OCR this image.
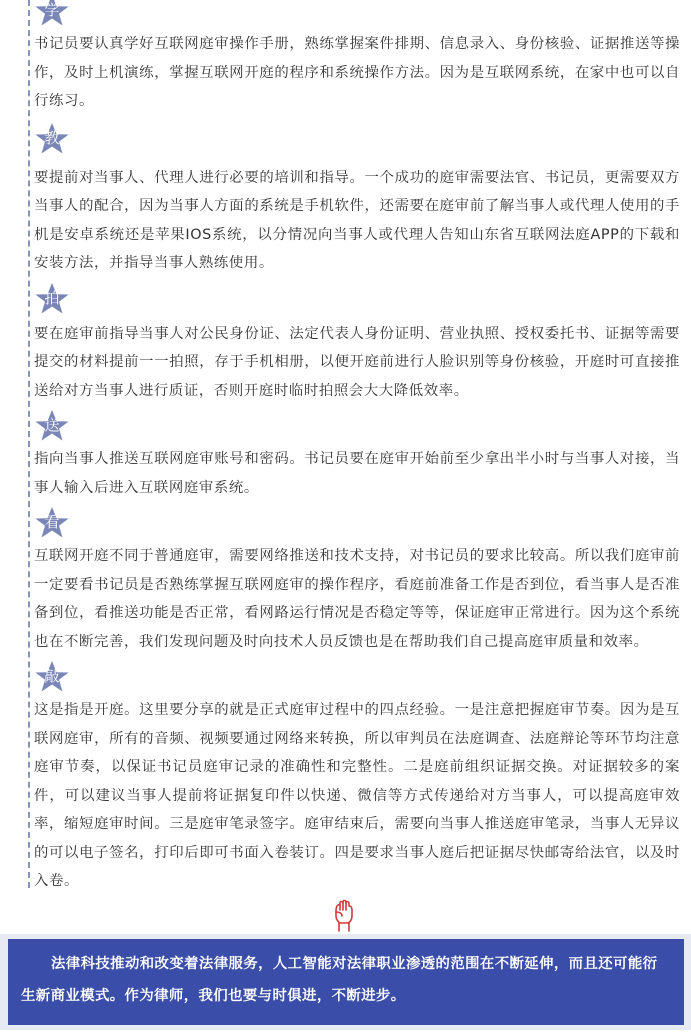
学

书记员要认真学好互联网庭审操作手册，熟练掌握案件排期、信息录入、身份核验、证据推送等操作，及时上机演练，掌握互联网开庭的程序和系统操作方法。因为是互联网系统，在家中也可以自行练习。

教

要提前对当事人、代理人进行必要的培训和指导。一个成功的庭审需要法官、书记员，更需要双方当事人的配合，因为当事人方面的系统是手机软件，还需要在庭审前了解当事人或代理人使用的手机是安卓系统还是苹果IOS系统，以分情况向当事人或代理人告知山东省互联网法庭APP的下载和安装方法，并指导当事人熟练使用。

拍

要在庭审前指导当事人对公民身份证、法定代表人身份证明、营业执照、授权委托书、证据等需要提交的材料提前一一拍照，存于手机相册，以便开庭前进行人脸识别等身份核验，开庭时可直接推送给对方当事人进行质证，否则开庭时临时拍照会大大降低效率。

送

指向当事人推送互联网庭审账号和密码。书记员要在庭审开始前至少拿出半小时与当事人对接，当事人输入后进入互联网庭审系统。

看

互联网开庭不同于普通庭审，需要网络推送和技术支持，对书记员的要求比较高。所以我们庭审前一定要看书记员是否熟练掌握互联网庭审的操作程序，看庭前准备工作是否到位，看当事人是否准备到位，看推送功能是否正常，看网路运行情况是否稳定等等，保证庭审正常进行。因为这个系统也在不断完善，我们发现问题及时向技术人员反馈也是在帮助我们自己提高庭审质量和效率。

敲

这是指是开庭。这里要分享的就是正式庭审过程中的四点经验。一是注意把握庭审节奏。因为是互联网庭审，所有的音频、视频要通过网络来转换，所以审判员在法庭调查、法庭辩论等环节均注意庭审节奏，以保证书记员庭审记录的准确性和完整性。二是庭前组织证据交换。对证据较多的案件，可以建议当事人提前将证据复印件以快递、微信等方式传递给对方当事人，可以提高庭审效率，缩短庭审时间。三是庭审笔录签字。庭审结束后，需要向当事人推送庭审笔录，当事人无异议的可以电子签名，打印后即可书面入卷装订。四是要求当事人庭后把证据尽快邮寄给法官，以及时入卷。

法律科技推动和改变着法律服务，人工智能对法律职业渗透的范围在不断延伸，而且还可能衍生新商业模式。作为律师，我们也要与时俱进，不断进步。
